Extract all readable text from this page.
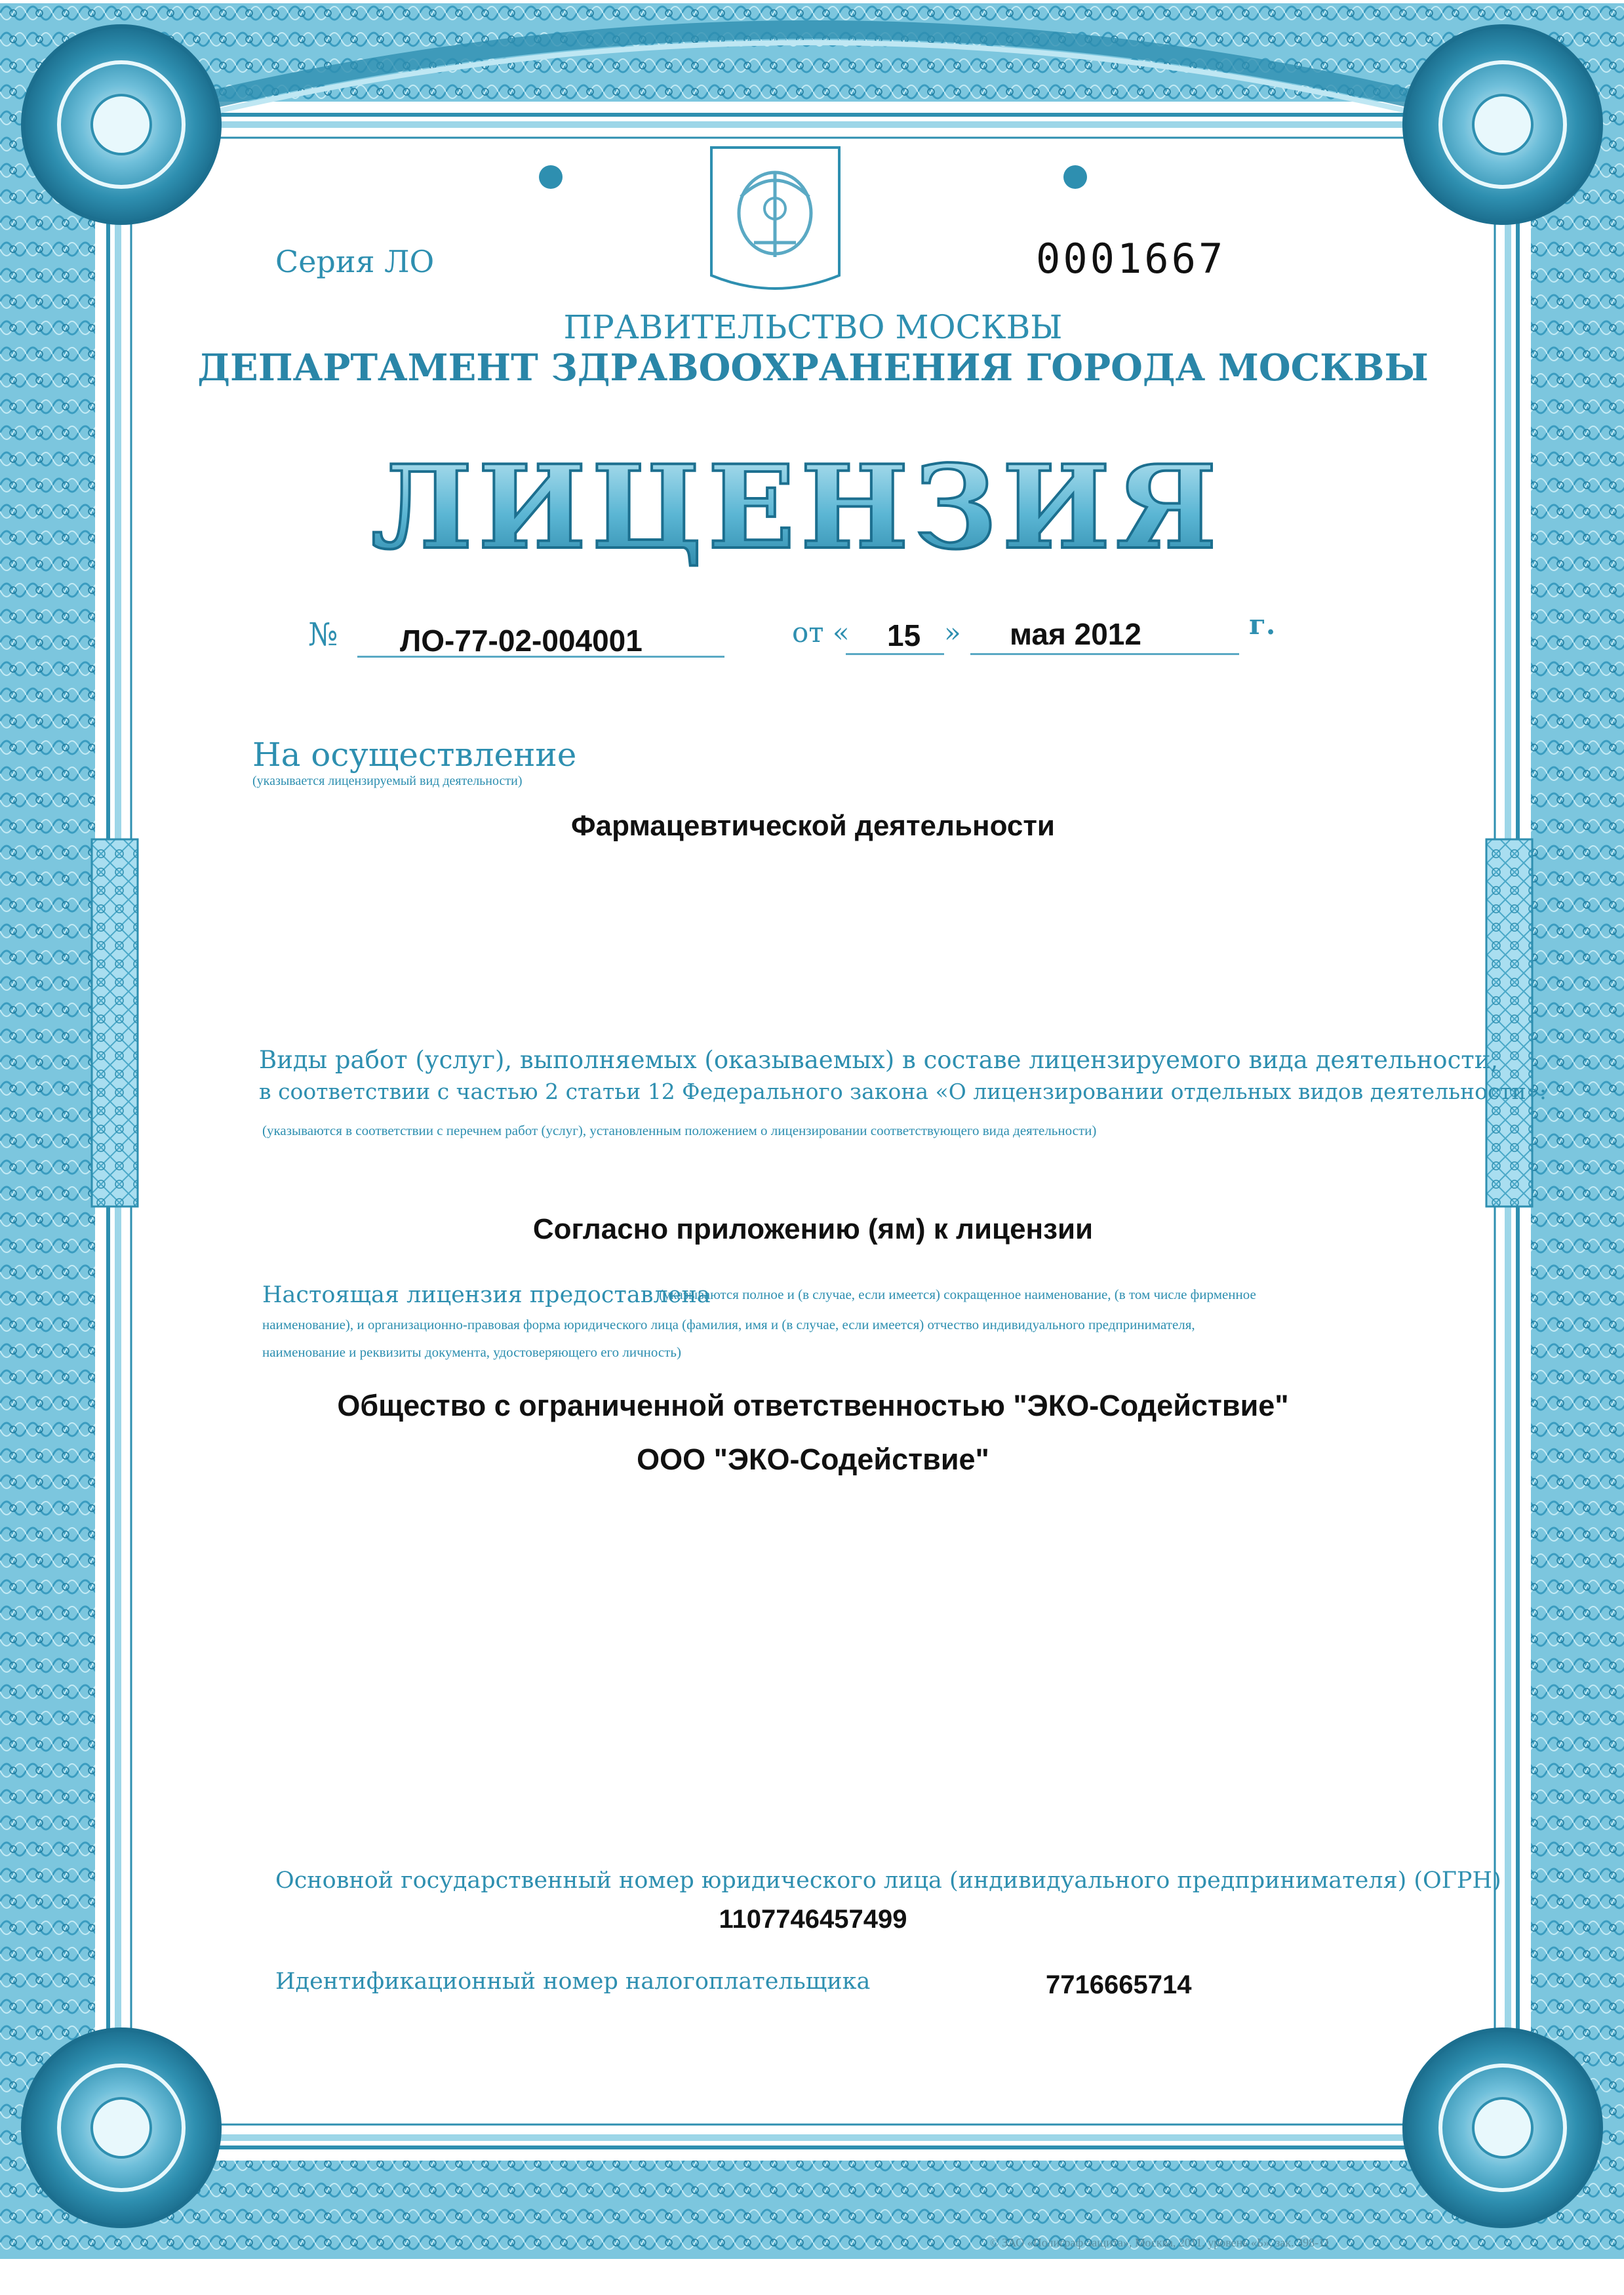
ЛИЦЕНЗИЯ
Серия ЛО	0001667
ПРАВИТЕЛЬСТВО МОСКВЫ
ДЕПАРТАМЕНТ ЗДРАВООХРАНЕНИЯ ГОРОДА МОСКВЫ
№ ЛО-77-02-004001	от « 15 » мая 2012	г.
На осуществление
(указывается лицензируемый вид деятельности)
Фармацевтической деятельности
Виды работ (услуг), выполняемых (оказываемых) в составе лицензируемого вида деятельности,
в соответствии с частью 2 статьи 12 Федерального закона «О лицензировании отдельных видов деятельности»:
(указываются в соответствии с перечнем работ (услуг), установленным положением о лицензировании соответствующего вида деятельности)
Согласно приложению (ям) к лицензии
Настоящая лицензия предоставлена
(указываются полное и (в случае, если имеется) сокращенное наименование, (в том числе фирменное
наименование), и организационно-правовая форма юридического лица (фамилия, имя и (в случае, если имеется) отчество индивидуального предпринимателя,
наименование и реквизиты документа, удостоверяющего его личность)
Общество с ограниченной ответственностью "ЭКО-Содействие"
ООО "ЭКО-Содействие"
Основной государственный номер юридического лица (индивидуального предпринимателя) (ОГРН)
1107746457499
Идентификационный номер налогоплательщика	7716665714
© ЗАО «Полиграф-защита», Москва, 2011, уровень «Б», зак. 398-11
